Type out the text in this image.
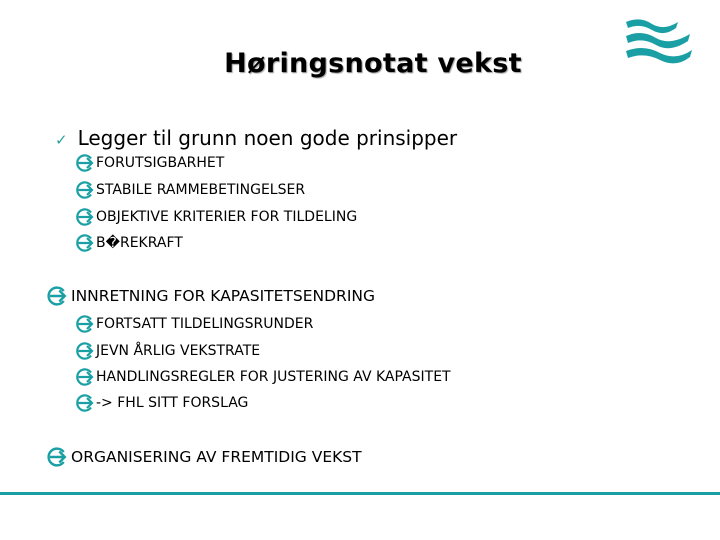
Høringsnotat vekst
✓ Legger til grunn noen gode prinsipper
FORUTSIGBARHET
STABILE RAMMEBETINGELSER
OBJEKTIVE KRITERIER FOR TILDELING
B�REKRAFT
INNRETNING FOR KAPASITETSENDRING
FORTSATT TILDELINGSRUNDER
JEVN ÅRLIG VEKSTRATE
HANDLINGSREGLER FOR JUSTERING AV KAPASITET
-> FHL SITT FORSLAG
ORGANISERING AV FREMTIDIG VEKST
